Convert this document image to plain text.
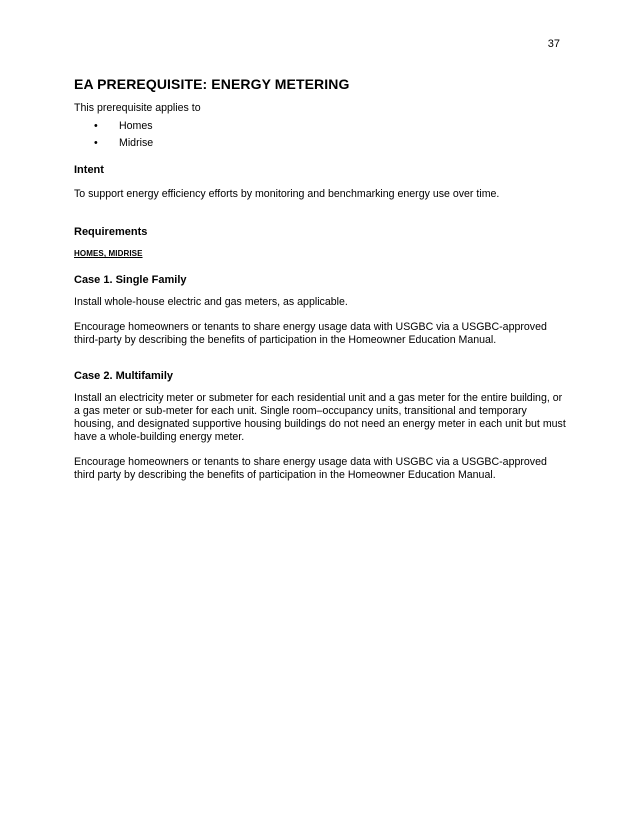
37
EA PREREQUISITE: ENERGY METERING

This prerequisite applies to

• Homes
• Midrise

Intent

To support energy efficiency efforts by monitoring and benchmarking energy use over time.

Requirements

HOMES, MIDRISE

Case 1. Single Family

Install whole-house electric and gas meters, as applicable.

Encourage homeowners or tenants to share energy usage data with USGBC via a USGBC-approved third-party by describing the benefits of participation in the Homeowner Education Manual.

Case 2. Multifamily

Install an electricity meter or submeter for each residential unit and a gas meter for the entire building, or a gas meter or sub-meter for each unit. Single room–occupancy units, transitional and temporary housing, and designated supportive housing buildings do not need an energy meter in each unit but must have a whole-building energy meter.

Encourage homeowners or tenants to share energy usage data with USGBC via a USGBC-approved third party by describing the benefits of participation in the Homeowner Education Manual.
